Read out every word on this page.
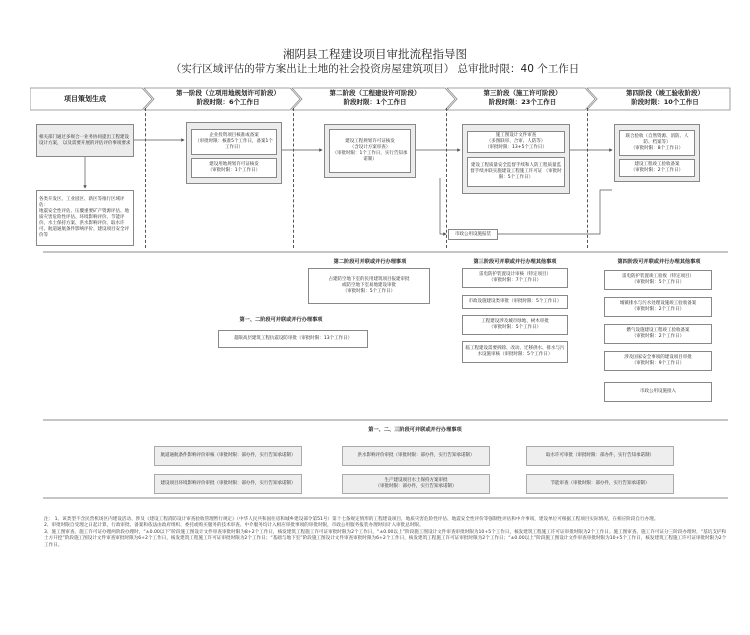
湘阴县工程建设项目审批流程指导图
（实行区域评估的带方案出让土地的社会投资房屋建筑项目） 总审批时限：40 个工作日
项目策划生成
第一阶段（立项用地规划许可阶段）
阶段时限：6个工作日
第二阶段（工程建设许可阶段）
阶段时限：1个工作日
第三阶段（施工许可阶段）
阶段时限：23个工作日
第四阶段（竣工验收阶段）
阶段时限：10个工作日
相关部门通过多规合一业务协同提出工程建设设计方案， 以及需要开展的评估评价事项要求
各类开发区、工业园区、新区等推行区域评估：
地震安全性评估、压覆重要矿产资源评估、地质灾害危险性评估、环境影响评价、节能评价、水土保持方案、洪水影响评价、取水许可、航道通航条件影响评价、建设项目安全评价等
企业投资项目核准或备案
（审批时限：核准5个工作日，备案1个工作日）
建设用地规划许可证核发
（审批时限：1个工作日）
建设工程规划许可证核发
（含设计方案审查）
（审批时限：1个工作日，实行告知承诺制）
施工图设计文件审查
（多图联审、合审、人防等）
（审批时限：13+5个工作日）
建设工程质量安全监督手续和人防工程质量监督手续并联实施建设工程施工许可证 （审批时限：5个工作日）
市政公用设施报装
联合验收（自然资源、消防、人防、档案等）
（审批时限：8个工作日）
建设工程竣工验收备案
（审批时限：2个工作日）
第二阶段可并联或并行办理事项
占建防空地下室的民用建筑项目报建审批
或防空地下室易地建设审批
（审批时限：5个工作日）
第一、二阶段可并联或并行办理事项
超限高层建筑工程抗震设防审批（审批时限：13个工作日）
第三阶段可并联或并行办理其他事项
雷电防护装置设计审核（特定项目）
（审批时限：7个工作日）
市政设施建设类审批（审批时限：5个工作日）
工程建设涉及城市绿地、树木审批
（审批时限：5个工作日）
临工程建设需要拆除、改动、迁移供水、排水与污水设施审核（审批时限：5个工作日）
第四阶段可并联或并行办理其他事项
雷电防护装置竣工验收（特定项目）
（审批时限：5个工作日）
城镇排水与污水处理设施竣工验收备案
（审批时限：2个工作日）
燃气设施建设工程竣工验收备案
（审批时限：2个工作日）
涉及国家安全事项的建设项目审批
（审批时限：9个工作日）
市政公用设施接入
第一、二、三阶段可并联或并行办理事项
航道通航条件影响评价审核（审批时限：部办件，实行告知承诺制）	洪水影响评价审批（审批时限：部办件，实行告知承诺制）	取水许可审批（审批时限：部办件，实行告知承诺制）
建设项目环境影响评价审批（审批时限：部办件，实行告知承诺制）
生产建设项目水土保持方案审批
（审批时限：部办件，实行告知承诺制）
节能审查（审批时限：部办件，实行告知承诺制）
注： 1、该类型不含民营机场区内建设活动、涉及《建设工程消防设计审查验收管理暂行规定》（中华人民共和国住房和城乡建设部令第51号）第十七条规定情形的工程建设项目，地质灾害危险性评估、地震安全性评价等强制性评估和中介事项，建设单位可根据工程项目实际情况，在相应阶段自行办理。
2、审批时限自受理之日起计算，行政审批、备案和依法由政府组织、委托或购买服务的技术审查、中介服务均计入相应审批事项的审批时限，市政公用服务报装办理时间计入审批总时限。
3、施工图审查、施工许可证办理两阶段办理时，“±0.00以下”阶段施工图设计文件审查审批时限为8+2个工作日，核发建筑工程施工许可证审批时限为2个工作日，“±0.00以上”阶段施工图设计文件审查审批时限为10+5个工作日，核发建筑工程施工许可证审批时限为2个工作日。施工图审查、施工许可证分三阶段办理时，“基坑支护和土方开挖”阶段施工图设计文件审查审批时限为6+2个工作日，核发建筑工程施工许可证审批时限为2个工作日；“基础与地下室”阶段施工图设计文件审查审批时限为6+2个工作日，核发建筑工程施工许可证审批时限为2个工作日；“±0.00以上”阶段施工图设计文件审查审批时限为10+5个工作日，核发建筑工程施工许可证审批时限为2个工作日。
